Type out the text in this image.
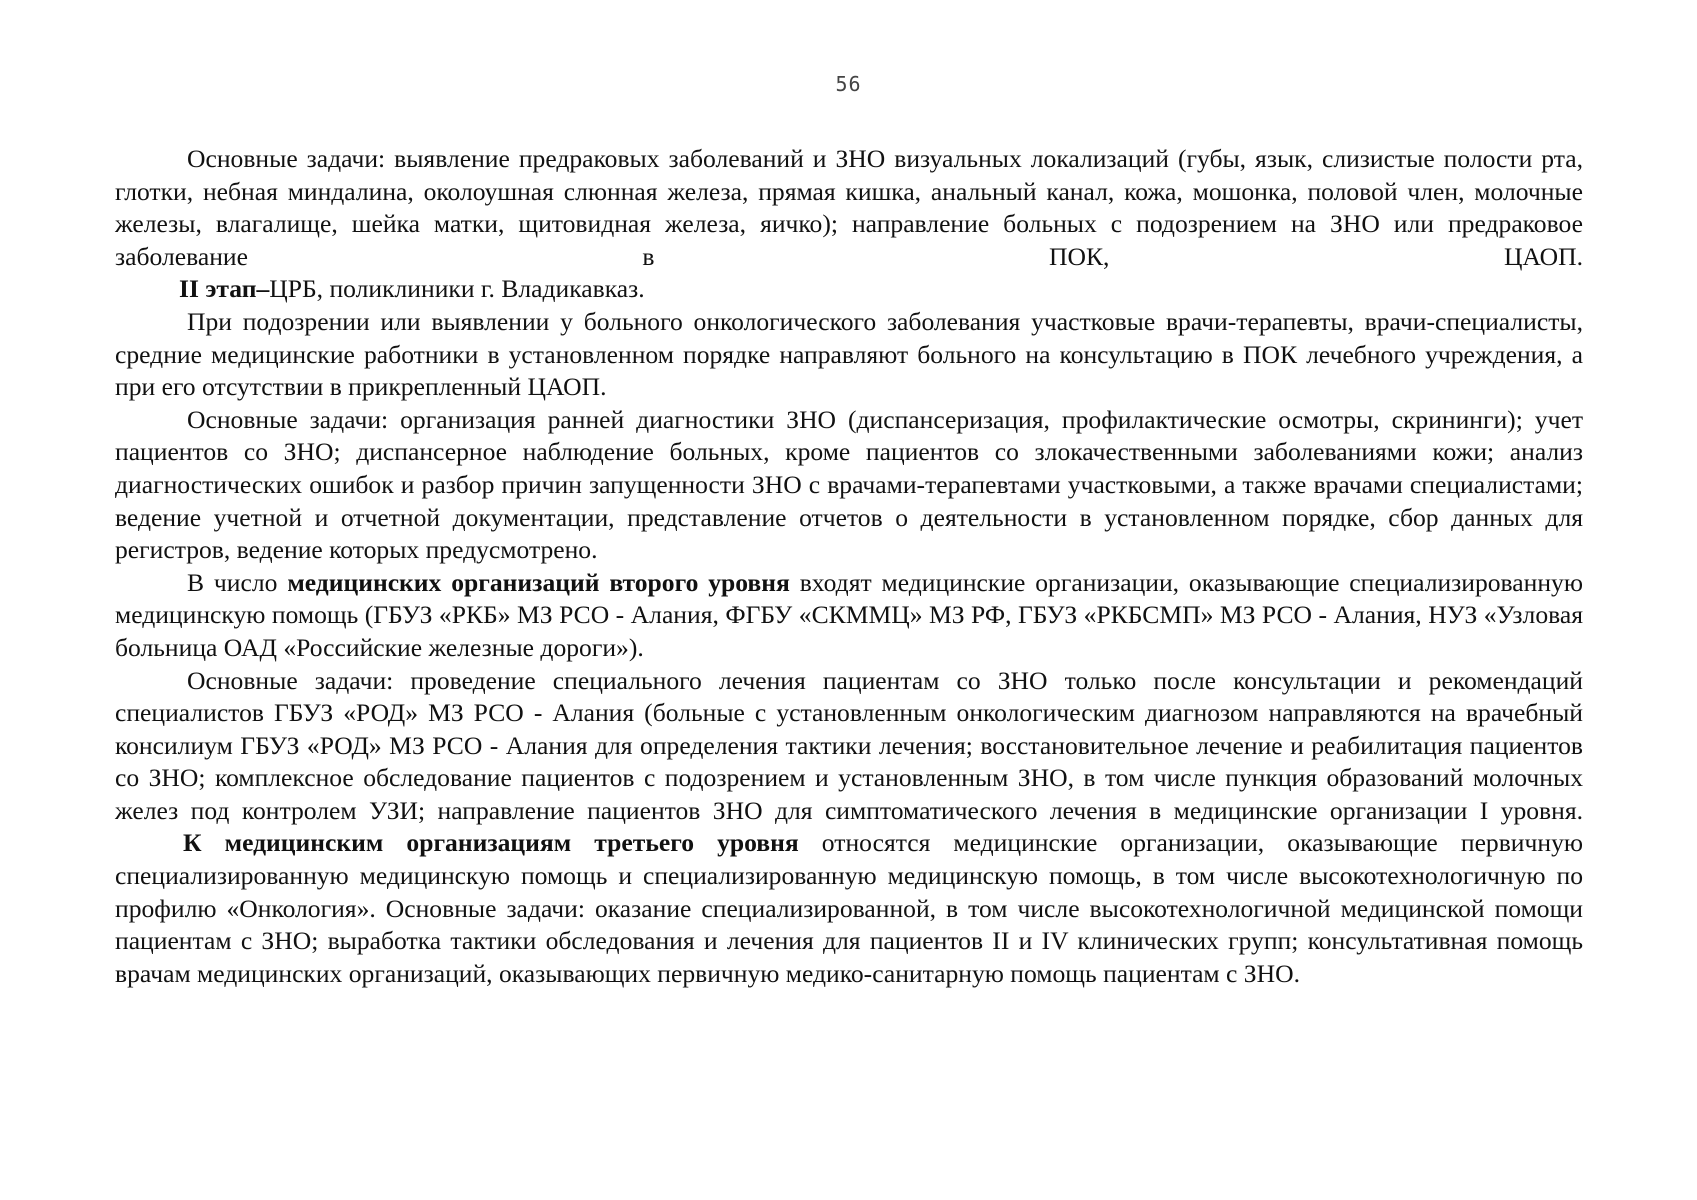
56

Основные задачи: выявление предраковых заболеваний и ЗНО визуальных локализаций (губы, язык, слизистые полости рта, глотки, небная миндалина, околоушная слюнная железа, прямая кишка, анальный канал, кожа, мошонка, половой член, молочные железы, влагалище, шейка матки, щитовидная железа, яичко); направление больных с подозрением на ЗНО или предраковое заболевание в ПОК, ЦАОП.

II этап–ЦРБ, поликлиники г. Владикавказ.

При подозрении или выявлении у больного онкологического заболевания участковые врачи-терапевты, врачи-специалисты, средние медицинские работники в установленном порядке направляют больного на консультацию в ПОК лечебного учреждения, а при его отсутствии в прикрепленный ЦАОП.

Основные задачи: организация ранней диагностики ЗНО (диспансеризация, профилактические осмотры, скрининги); учет пациентов со ЗНО; диспансерное наблюдение больных, кроме пациентов со злокачественными заболеваниями кожи; анализ диагностических ошибок и разбор причин запущенности ЗНО с врачами-терапевтами участковыми, а также врачами специалистами; ведение учетной и отчетной документации, представление отчетов о деятельности в установленном порядке, сбор данных для регистров, ведение которых предусмотрено.

В число медицинских организаций второго уровня входят медицинские организации, оказывающие специализированную медицинскую помощь (ГБУЗ «РКБ» МЗ РСО - Алания, ФГБУ «СКММЦ» МЗ РФ, ГБУЗ «РКБСМП» МЗ РСО - Алания, НУЗ «Узловая больница ОАД «Российские железные дороги»).

Основные задачи: проведение специального лечения пациентам со ЗНО только после консультации и рекомендаций специалистов ГБУЗ «РОД» МЗ РСО - Алания (больные с установленным онкологическим диагнозом направляются на врачебный консилиум ГБУЗ «РОД» МЗ РСО - Алания для определения тактики лечения; восстановительное лечение и реабилитация пациентов со ЗНО; комплексное обследование пациентов с подозрением и установленным ЗНО, в том числе пункция образований молочных желез под контролем УЗИ; направление пациентов ЗНО для симптоматического лечения в медицинские организации I уровня.

К медицинским организациям третьего уровня относятся медицинские организации, оказывающие первичную специализированную медицинскую помощь и специализированную медицинскую помощь, в том числе высокотехнологичную по профилю «Онкология». Основные задачи: оказание специализированной, в том числе высокотехнологичной медицинской помощи пациентам с ЗНО; выработка тактики обследования и лечения для пациентов II и IV клинических групп; консультативная помощь врачам медицинских организаций, оказывающих первичную медико-санитарную помощь пациентам с ЗНО.
